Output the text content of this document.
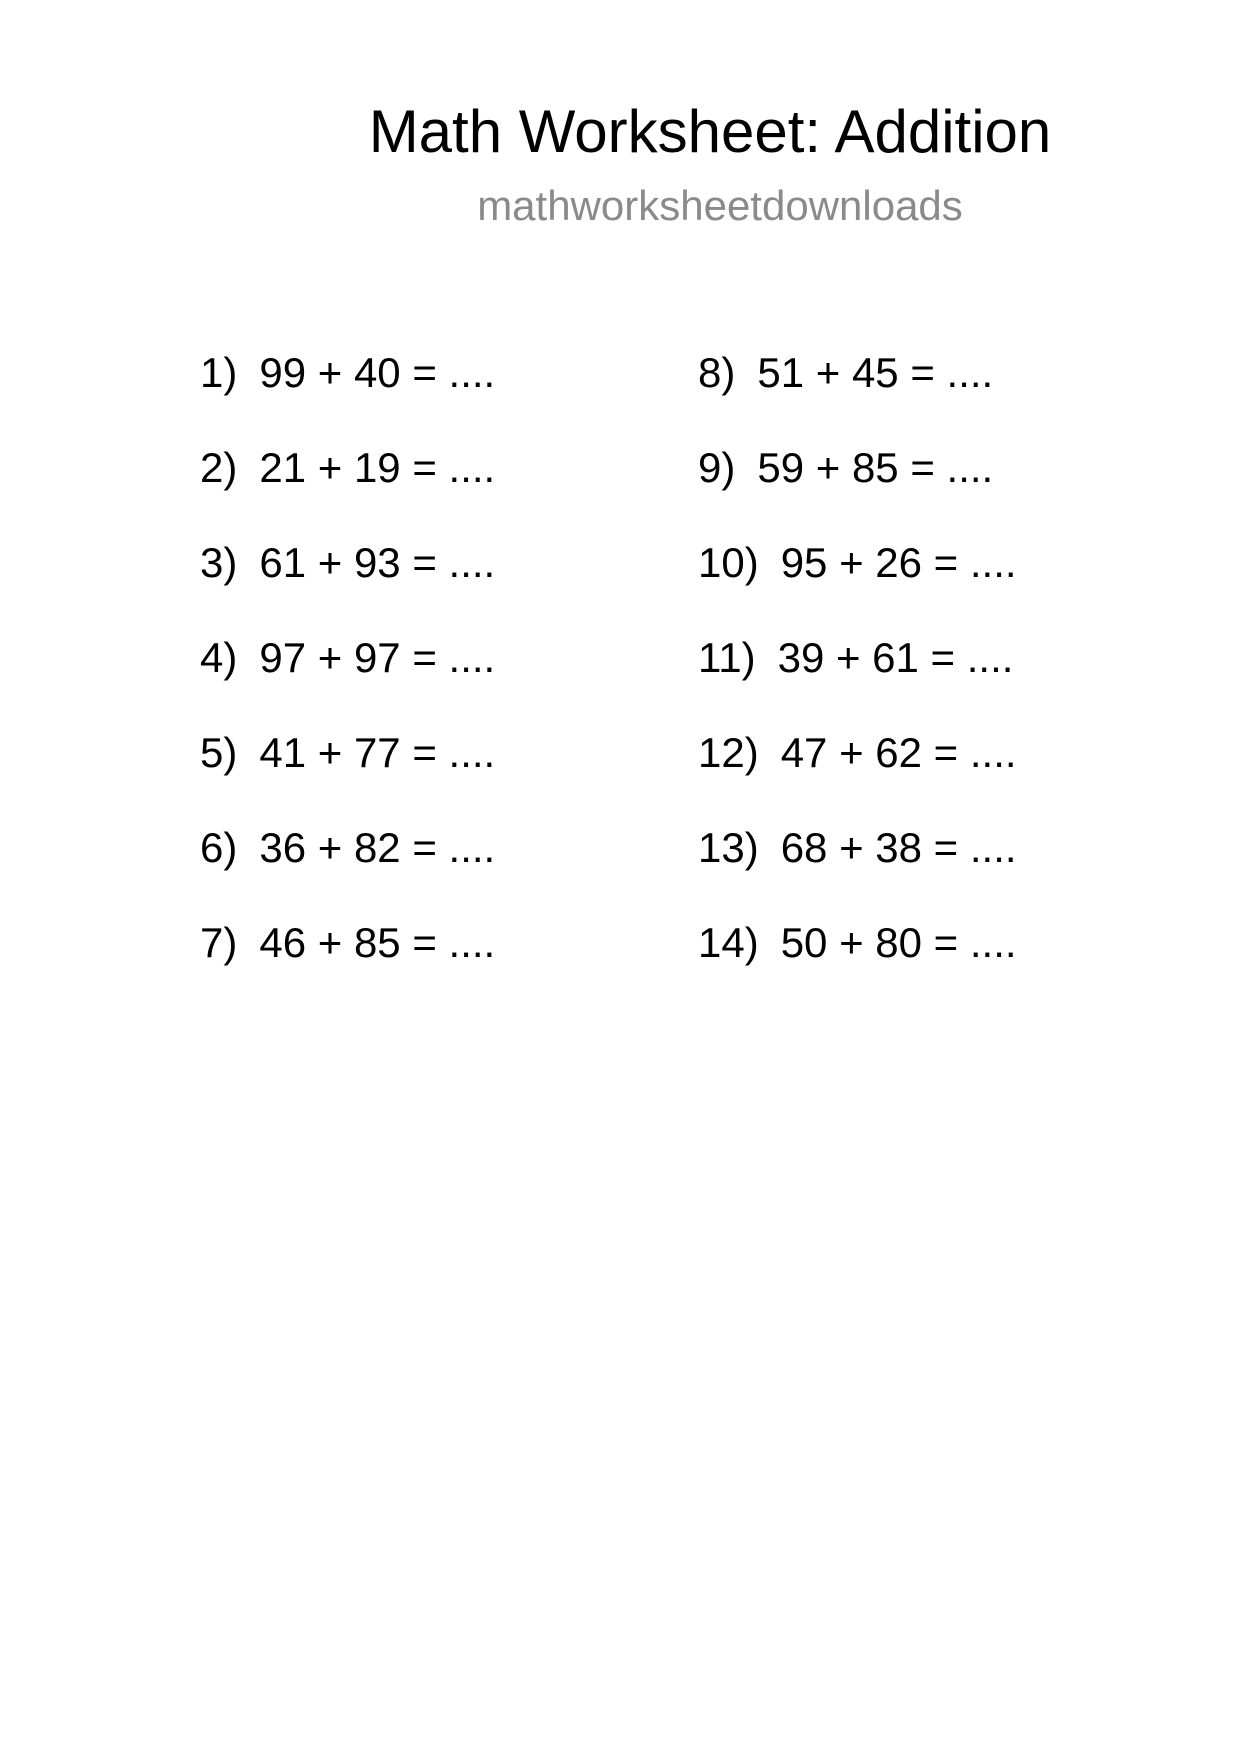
Math Worksheet: Addition
mathworksheetdownloads
1) 99 + 40 = ....
2) 21 + 19 = ....
3) 61 + 93 = ....
4) 97 + 97 = ....
5) 41 + 77 = ....
6) 36 + 82 = ....
7) 46 + 85 = ....
8) 51 + 45 = ....
9) 59 + 85 = ....
10) 95 + 26 = ....
11) 39 + 61 = ....
12) 47 + 62 = ....
13) 68 + 38 = ....
14) 50 + 80 = ....
